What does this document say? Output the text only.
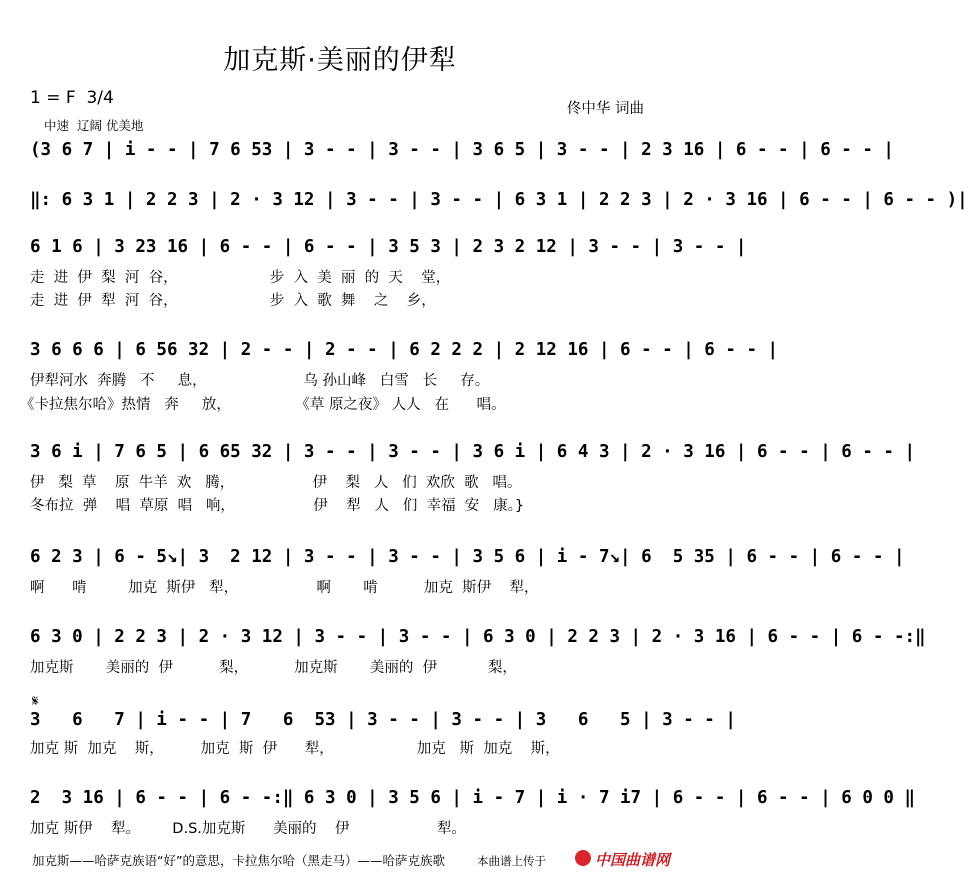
加克斯·美丽的伊犁
1 = F  3/4
中速  辽阔 优美地
佟中华 词曲
(3 6 7 | i - - | 7 6 53 | 3 - - | 3 - - | 3 6 5 | 3 - - | 2 3 16 | 6 - - | 6 - - |
‖: 6 3 1 | 2 2 3 | 2 · 3 12 | 3 - - | 3 - - | 6 3 1 | 2 2 3 | 2 · 3 16 | 6 - - | 6 - - )|
6 1 6 | 3 23 16 | 6 - - | 6 - - | 3 5 3 | 2 3 2 12 | 3 - - | 3 - - |
走  进  伊  梨  河  谷，                    步  入  美  丽  的  天    堂，
走  进  伊  犁  河  谷，                    步  入  歌  舞    之    乡，
3 6 6 6 | 6 56 32 | 2 - - | 2 - - | 6 2 2 2 | 2 12 16 | 6 - - | 6 - - |
伊犁河水  奔腾   不     息，                     乌 孙山峰   白雪   长     存。
《卡拉焦尔哈》热情   奔     放，              《草 原之夜》 人人   在      唱。
3 6 i | 7 6 5 | 6 65 32 | 3 - - | 3 - - | 3 6 i | 6 4 3 | 2 · 3 16 | 6 - - | 6 - - |
伊   梨  草    原  牛羊  欢   腾，                 伊    梨   人   们  欢欣  歌   唱。
冬布拉  弹    唱  草原  唱   响，                 伊    犁   人   们  幸福  安   康。}
6 2 3 | 6 - 5↘| 3  2 12 | 3 - - | 3 - - | 3 5 6 | i - 7↘| 6  5 35 | 6 - - | 6 - - |
啊      啃         加克  斯伊   犁，                 啊       啃          加克  斯伊    犁，
6 3 0 | 2 2 3 | 2 · 3 12 | 3 - - | 3 - - | 6 3 0 | 2 2 3 | 2 · 3 16 | 6 - - | 6 - -:‖
加克斯       美丽的  伊          梨，          加克斯       美丽的  伊           梨，
𝄋
3   6   7 | i - - | 7   6  53 | 3 - - | 3 - - | 3   6   5 | 3 - - |
加克 斯  加克    斯，        加克  斯  伊      犁，                  加克   斯  加克    斯，
2  3 16 | 6 - - | 6 - -:‖ 6 3 0 | 3 5 6 | i - 7 | i · 7 i7 | 6 - - | 6 - - | 6 0 0 ‖
加克 斯伊    犁。       D.S.加克斯      美丽的    伊                   犁。
加克斯——哈萨克族语“好”的意思，卡拉焦尔哈（黑走马）——哈萨克族歌	本曲谱上传于	中国曲谱网
